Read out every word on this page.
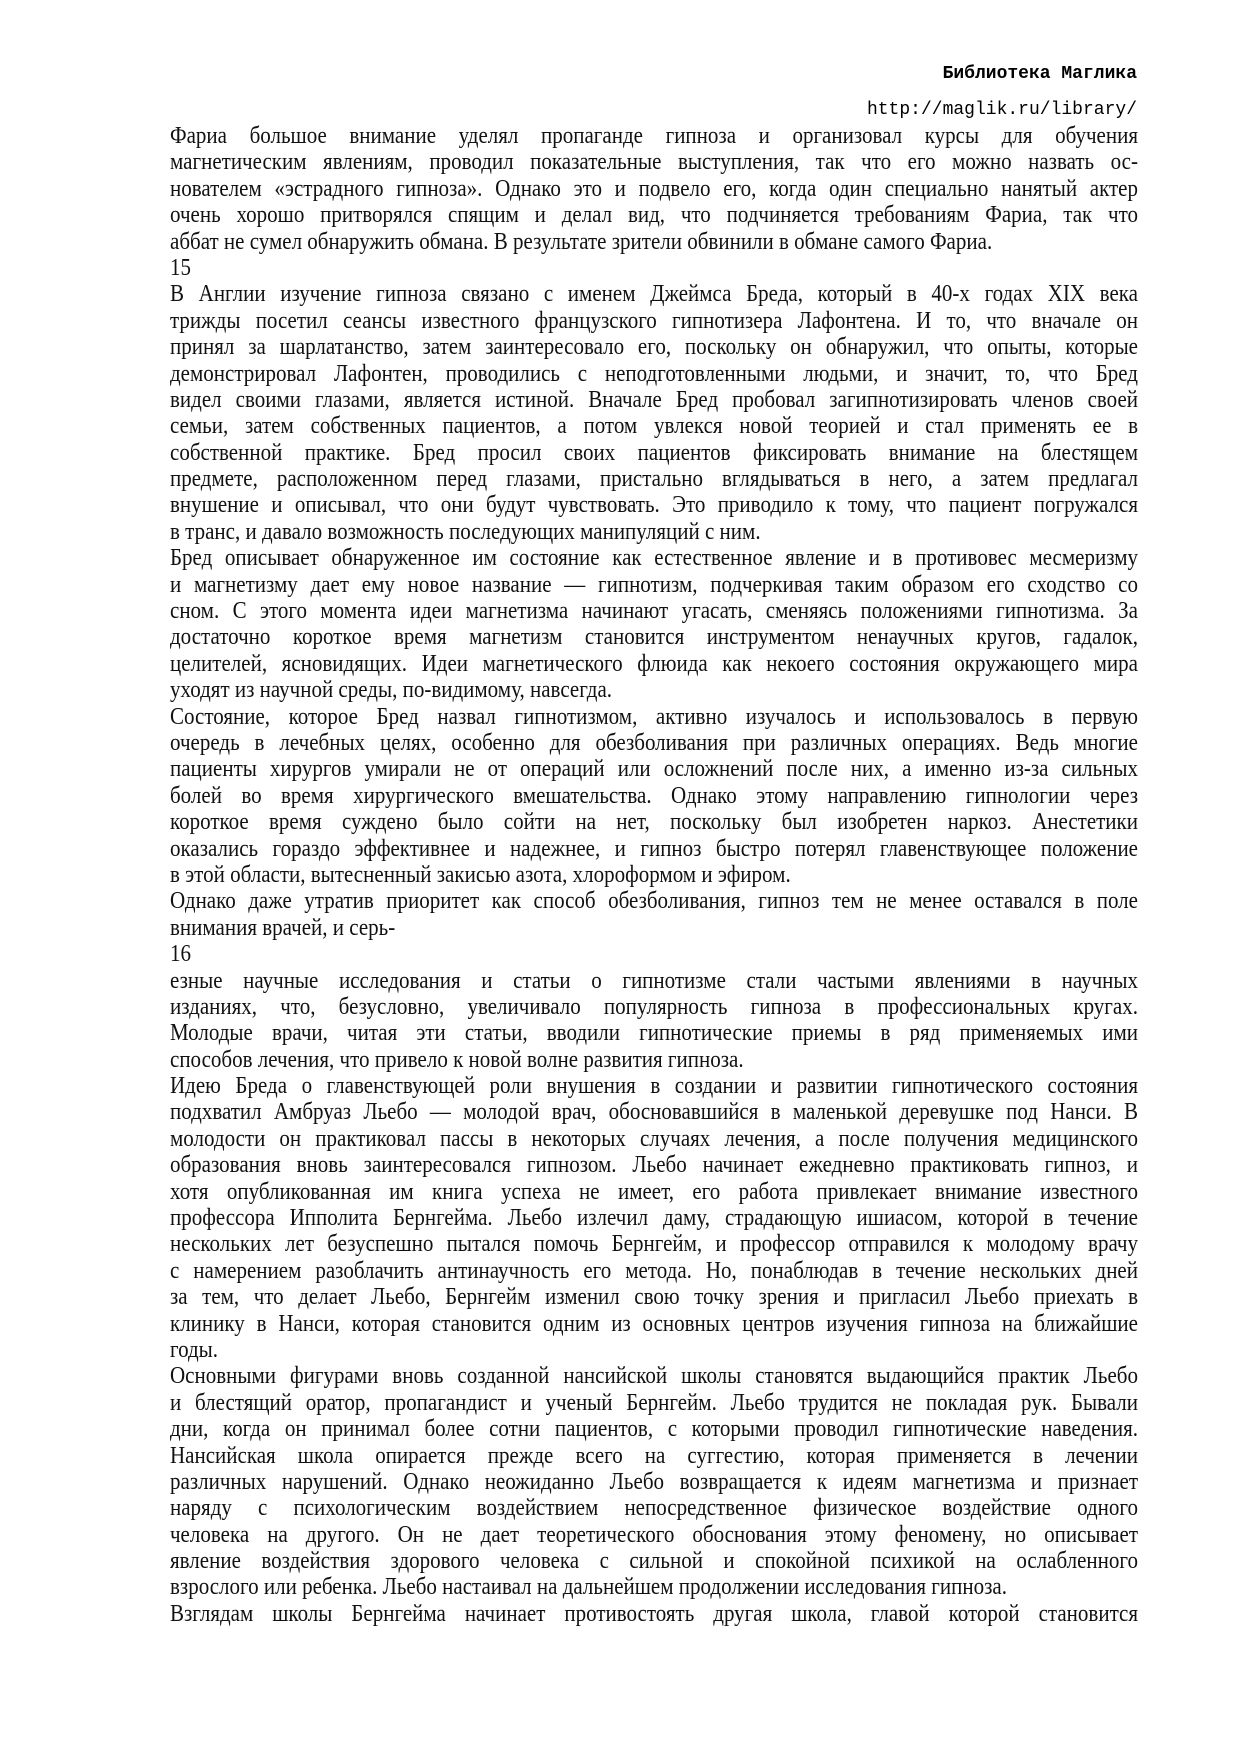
Библиотека Маглика
http://maglik.ru/library/
Фариа большое внимание уделял пропаганде гипноза и организовал курсы для обучения
магнетическим явлениям, проводил показательные выступления, так что его можно назвать ос-
нователем «эстрадного гипноза». Однако это и подвело его, когда один специально нанятый актер
очень хорошо притворялся спящим и делал вид, что подчиняется требованиям Фариа, так что
аббат не сумел обнаружить обмана. В результате зрители обвинили в обмане самого Фариа.
15
В Англии изучение гипноза связано с именем Джеймса Бреда, который в 40-х годах XIX века
трижды посетил сеансы известного французского гипнотизера Лафонтена. И то, что вначале он
принял за шарлатанство, затем заинтересовало его, поскольку он обнаружил, что опыты, которые
демонстрировал Лафонтен, проводились с неподготовленными людьми, и значит, то, что Бред
видел своими глазами, является истиной. Вначале Бред пробовал загипнотизировать членов своей
семьи, затем собственных пациентов, а потом увлекся новой теорией и стал применять ее в
собственной практике. Бред просил своих пациентов фиксировать внимание на блестящем
предмете, расположенном перед глазами, пристально вглядываться в него, а затем предлагал
внушение и описывал, что они будут чувствовать. Это приводило к тому, что пациент погружался
в транс, и давало возможность последующих манипуляций с ним.
Бред описывает обнаруженное им состояние как естественное явление и в противовес месмеризму
и магнетизму дает ему новое название — гипнотизм, подчеркивая таким образом его сходство со
сном. С этого момента идеи магнетизма начинают угасать, сменяясь положениями гипнотизма. За
достаточно короткое время магнетизм становится инструментом ненаучных кругов, гадалок,
целителей, ясновидящих. Идеи магнетического флюида как некоего состояния окружающего мира
уходят из научной среды, по-видимому, навсегда.
Состояние, которое Бред назвал гипнотизмом, активно изучалось и использовалось в первую
очередь в лечебных целях, особенно для обезболивания при различных операциях. Ведь многие
пациенты хирургов умирали не от операций или осложнений после них, а именно из-за сильных
болей во время хирургического вмешательства. Однако этому направлению гипнологии через
короткое время суждено было сойти на нет, поскольку был изобретен наркоз. Анестетики
оказались гораздо эффективнее и надежнее, и гипноз быстро потерял главенствующее положение
в этой области, вытесненный закисью азота, хлороформом и эфиром.
Однако даже утратив приоритет как способ обезболивания, гипноз тем не менее оставался в поле
внимания врачей, и серь-
16
езные научные исследования и статьи о гипнотизме стали частыми явлениями в научных
изданиях, что, безусловно, увеличивало популярность гипноза в профессиональных кругах.
Молодые врачи, читая эти статьи, вводили гипнотические приемы в ряд применяемых ими
способов лечения, что привело к новой волне развития гипноза.
Идею Бреда о главенствующей роли внушения в создании и развитии гипнотического состояния
подхватил Амбруаз Льебо — молодой врач, обосновавшийся в маленькой деревушке под Нанси. В
молодости он практиковал пассы в некоторых случаях лечения, а после получения медицинского
образования вновь заинтересовался гипнозом. Льебо начинает ежедневно практиковать гипноз, и
хотя опубликованная им книга успеха не имеет, его работа привлекает внимание известного
профессора Ипполита Бернгейма. Льебо излечил даму, страдающую ишиасом, которой в течение
нескольких лет безуспешно пытался помочь Бернгейм, и профессор отправился к молодому врачу
с намерением разоблачить антинаучность его метода. Но, понаблюдав в течение нескольких дней
за тем, что делает Льебо, Бернгейм изменил свою точку зрения и пригласил Льебо приехать в
клинику в Нанси, которая становится одним из основных центров изучения гипноза на ближайшие
годы.
Основными фигурами вновь созданной нансийской школы становятся выдающийся практик Льебо
и блестящий оратор, пропагандист и ученый Бернгейм. Льебо трудится не покладая рук. Бывали
дни, когда он принимал более сотни пациентов, с которыми проводил гипнотические наведения.
Нансийская школа опирается прежде всего на суггестию, которая применяется в лечении
различных нарушений. Однако неожиданно Льебо возвращается к идеям магнетизма и признает
наряду с психологическим воздействием непосредственное физическое воздействие одного
человека на другого. Он не дает теоретического обоснования этому феномену, но описывает
явление воздействия здорового человека с сильной и спокойной психикой на ослабленного
взрослого или ребенка. Льебо настаивал на дальнейшем продолжении исследования гипноза.
Взглядам школы Бернгейма начинает противостоять другая школа, главой которой становится
